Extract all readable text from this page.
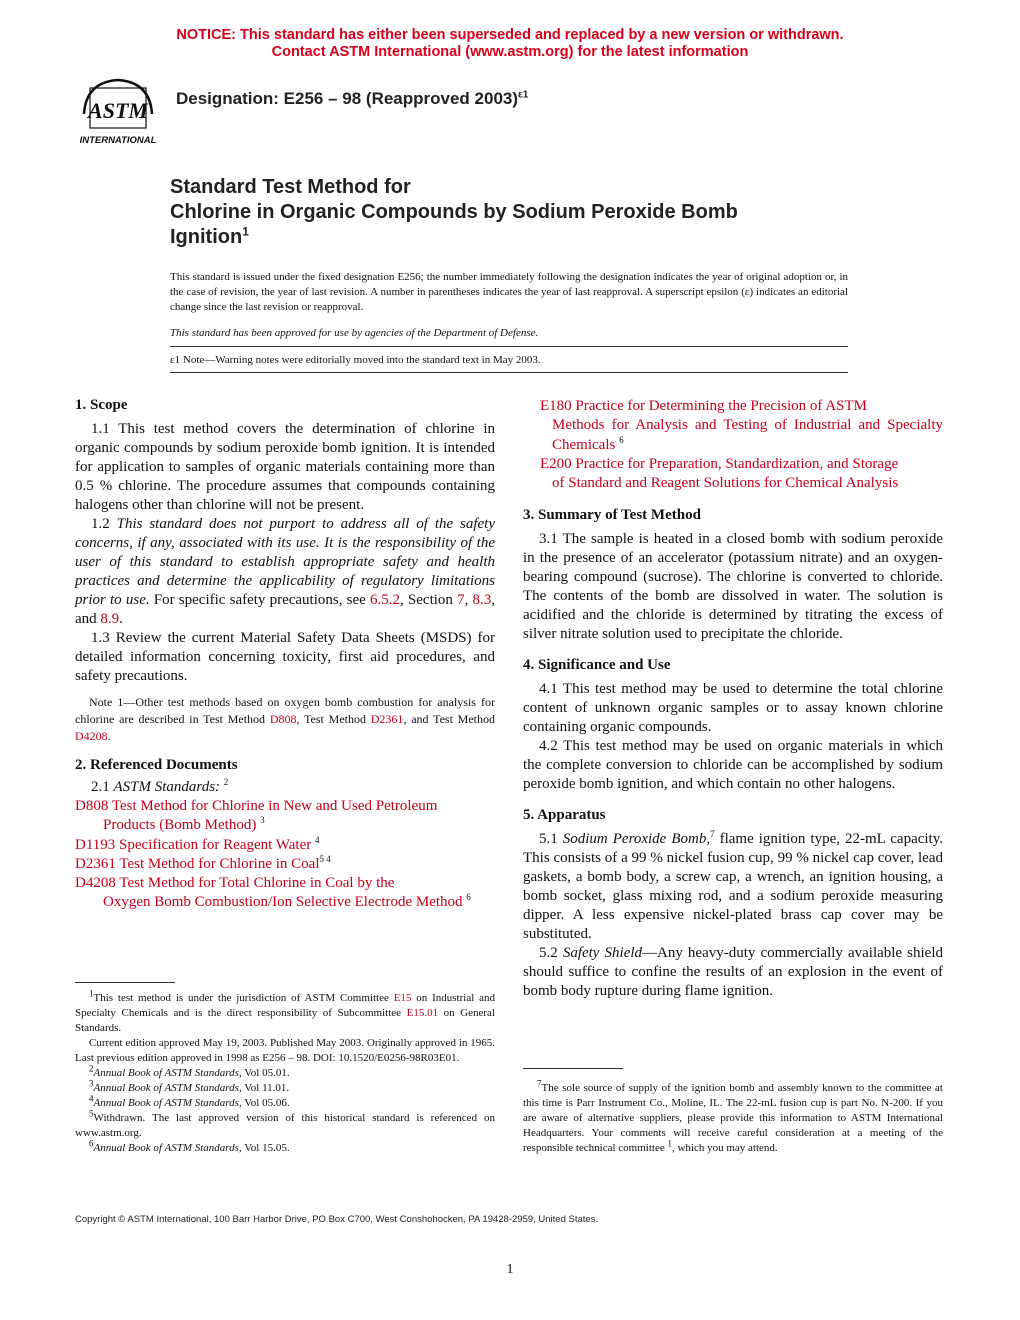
NOTICE: This standard has either been superseded and replaced by a new version or withdrawn.
Contact ASTM International (www.astm.org) for the latest information
ASTM
INTERNATIONAL
Designation: E256 – 98 (Reapproved 2003)$^{\varepsilon 1}$
Standard Test Method for
Chlorine in Organic Compounds by Sodium Peroxide Bomb
Ignition$^1$
This standard is issued under the fixed designation E256; the number immediately following the designation indicates the year of original adoption or, in the case of revision, the year of last revision. A number in parentheses indicates the year of last reapproval. A superscript epsilon (ε) indicates an editorial change since the last revision or reapproval.
This standard has been approved for use by agencies of the Department of Defense.
ε1 Note—Warning notes were editorially moved into the standard text in May 2003.
1. Scope
1.1 This test method covers the determination of chlorine in organic compounds by sodium peroxide bomb ignition. It is intended for application to samples of organic materials containing more than 0.5 % chlorine. The procedure assumes that compounds containing halogens other than chlorine will not be present.
1.2 This standard does not purport to address all of the safety concerns, if any, associated with its use. It is the responsibility of the user of this standard to establish appropriate safety and health practices and determine the applicability of regulatory limitations prior to use. For specific safety precautions, see 6.5.2, Section 7, 8.3, and 8.9.
1.3 Review the current Material Safety Data Sheets (MSDS) for detailed information concerning toxicity, first aid procedures, and safety precautions.
Note 1—Other test methods based on oxygen bomb combustion for analysis for chlorine are described in Test Method D808, Test Method D2361, and Test Method D4208.
2. Referenced Documents
2.1 ASTM Standards: $^2$
D808 Test Method for Chlorine in New and Used Petroleum
Products (Bomb Method) $^3$
D1193 Specification for Reagent Water $^4$
D2361 Test Method for Chlorine in Coal$^{5 4}$
D4208 Test Method for Total Chlorine in Coal by the
Oxygen Bomb Combustion/Ion Selective Electrode Method $^6$
$^1$This test method is under the jurisdiction of ASTM Committee E15 on Industrial and Specialty Chemicals and is the direct responsibility of Subcommittee E15.01 on General Standards.
Current edition approved May 19, 2003. Published May 2003. Originally approved in 1965. Last previous edition approved in 1998 as E256 – 98. DOI: 10.1520/E0256-98R03E01.
$^2$Annual Book of ASTM Standards, Vol 05.01.
$^3$Annual Book of ASTM Standards, Vol 11.01.
$^4$Annual Book of ASTM Standards, Vol 05.06.
$^5$Withdrawn. The last approved version of this historical standard is referenced on www.astm.org.
$^6$Annual Book of ASTM Standards, Vol 15.05.
E180 Practice for Determining the Precision of ASTM
Methods for Analysis and Testing of Industrial and Specialty Chemicals $^6$
E200 Practice for Preparation, Standardization, and Storage
of Standard and Reagent Solutions for Chemical Analysis
3. Summary of Test Method
3.1 The sample is heated in a closed bomb with sodium peroxide in the presence of an accelerator (potassium nitrate) and an oxygen-bearing compound (sucrose). The chlorine is converted to chloride. The contents of the bomb are dissolved in water. The solution is acidified and the chloride is determined by titrating the excess of silver nitrate solution used to precipitate the chloride.
4. Significance and Use
4.1 This test method may be used to determine the total chlorine content of unknown organic samples or to assay known chlorine containing organic compounds.
4.2 This test method may be used on organic materials in which the complete conversion to chloride can be accomplished by sodium peroxide bomb ignition, and which contain no other halogens.
5. Apparatus
5.1 Sodium Peroxide Bomb,$^7$ flame ignition type, 22-mL capacity. This consists of a 99 % nickel fusion cup, 99 % nickel cap cover, lead gaskets, a bomb body, a screw cap, a wrench, an ignition housing, a bomb socket, glass mixing rod, and a sodium peroxide measuring dipper. A less expensive nickel-plated brass cap cover may be substituted.
5.2 Safety Shield—Any heavy-duty commercially available shield should suffice to confine the results of an explosion in the event of bomb body rupture during flame ignition.
$^7$The sole source of supply of the ignition bomb and assembly known to the committee at this time is Parr Instrument Co., Moline, IL. The 22-mL fusion cup is part No. N-200. If you are aware of alternative suppliers, please provide this information to ASTM International Headquarters. Your comments will receive careful consideration at a meeting of the responsible technical committee $^1$, which you may attend.
Copyright © ASTM International, 100 Barr Harbor Drive, PO Box C700, West Conshohocken, PA 19428-2959, United States.
1
